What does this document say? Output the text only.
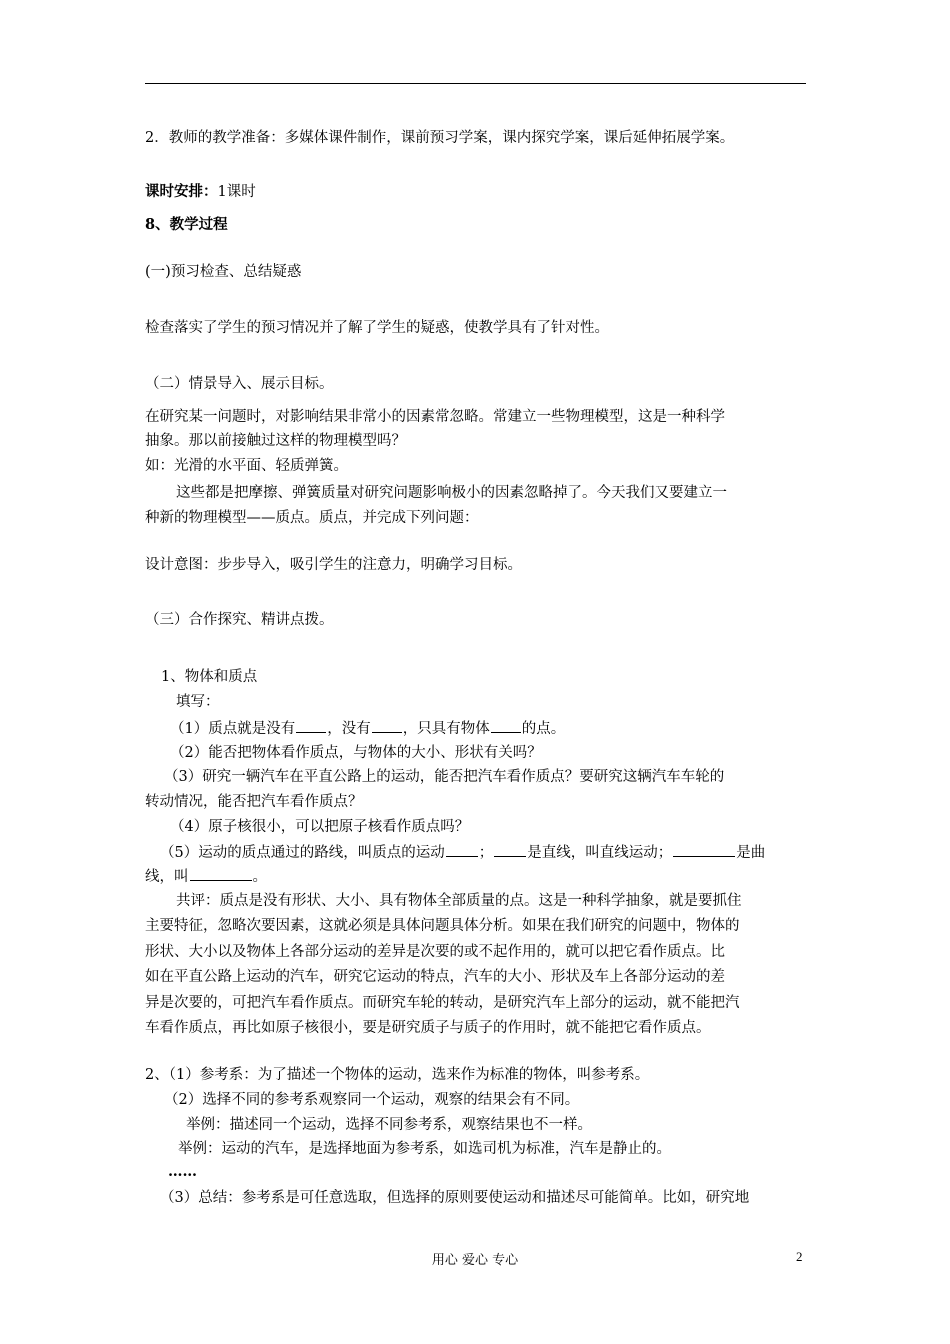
2．教师的教学准备：多媒体课件制作，课前预习学案，课内探究学案，课后延伸拓展学案。
课时安排：1课时
8、教学过程
(一)预习检查、总结疑惑
检查落实了学生的预习情况并了解了学生的疑惑，使教学具有了针对性。
（二）情景导入、展示目标。
在研究某一问题时，对影响结果非常小的因素常忽略。常建立一些物理模型，这是一种科学
抽象。那以前接触过这样的物理模型吗？
如：光滑的水平面、轻质弹簧。
这些都是把摩擦、弹簧质量对研究问题影响极小的因素忽略掉了。今天我们又要建立一
种新的物理模型——质点。质点，并完成下列问题：
设计意图：步步导入，吸引学生的注意力，明确学习目标。
（三）合作探究、精讲点拨。
1、物体和质点
填写：
（1）质点就是没有 ，没有 ，只具有物体 的点。
（2）能否把物体看作质点，与物体的大小、形状有关吗？
（3）研究一辆汽车在平直公路上的运动，能否把汽车看作质点？要研究这辆汽车车轮的
转动情况，能否把汽车看作质点？
（4）原子核很小，可以把原子核看作质点吗？
（5）运动的质点通过的路线，叫质点的运动 ； 是直线，叫直线运动；	是曲
线，叫	。
共评：质点是没有形状、大小、具有物体全部质量的点。这是一种科学抽象，就是要抓住
主要特征，忽略次要因素，这就必须是具体问题具体分析。如果在我们研究的问题中，物体的
形状、大小以及物体上各部分运动的差异是次要的或不起作用的，就可以把它看作质点。比
如在平直公路上运动的汽车，研究它运动的特点，汽车的大小、形状及车上各部分运动的差
异是次要的，可把汽车看作质点。而研究车轮的转动，是研究汽车上部分的运动，就不能把汽
车看作质点，再比如原子核很小，要是研究质子与质子的作用时，就不能把它看作质点。
2、（1）参考系：为了描述一个物体的运动，选来作为标准的物体，叫参考系。
（2）选择不同的参考系观察同一个运动，观察的结果会有不同。
举例：描述同一个运动，选择不同参考系，观察结果也不一样。
举例：运动的汽车，是选择地面为参考系，如选司机为标准，汽车是静止的。
……
（3）总结：参考系是可任意选取，但选择的原则要使运动和描述尽可能简单。比如，研究地
用心 爱心 专心	2
